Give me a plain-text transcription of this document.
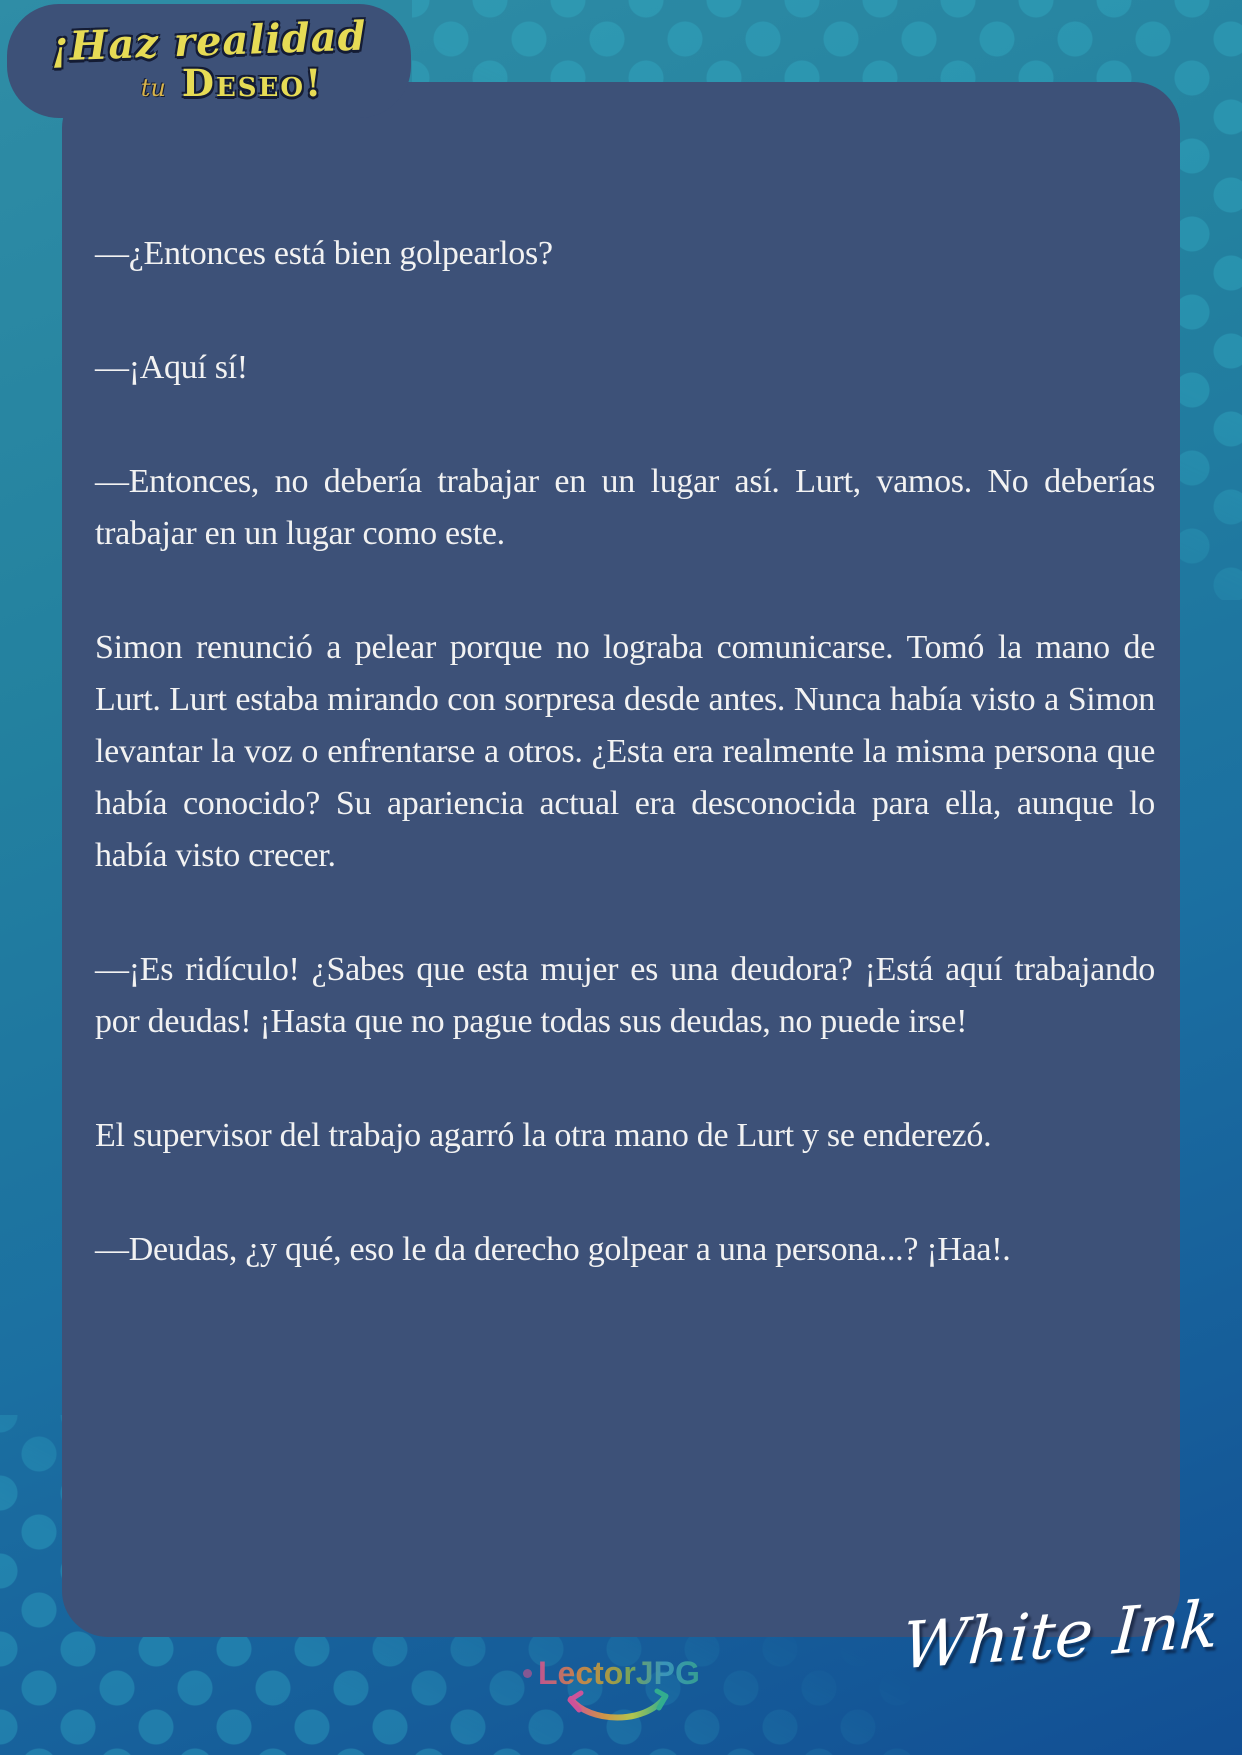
¡Haz realidad
tu Deseo!

—¿Entonces está bien golpearlos?

—¡Aquí sí!

—Entonces, no debería trabajar en un lugar así. Lurt, vamos. No deberías trabajar en un lugar como este.

Simon renunció a pelear porque no lograba comunicarse. Tomó la mano de Lurt. Lurt estaba mirando con sorpresa desde antes. Nunca había visto a Simon levantar la voz o enfrentarse a otros. ¿Esta era realmente la misma persona que había conocido? Su apariencia actual era desconocida para ella, aunque lo había visto crecer.

—¡Es ridículo! ¿Sabes que esta mujer es una deudora? ¡Está aquí trabajando por deudas! ¡Hasta que no pague todas sus deudas, no puede irse!

El supervisor del trabajo agarró la otra mano de Lurt y se enderezó.

—Deudas, ¿y qué, eso le da derecho golpear a una persona...? ¡Haa!.

LectorJPG	White Ink
